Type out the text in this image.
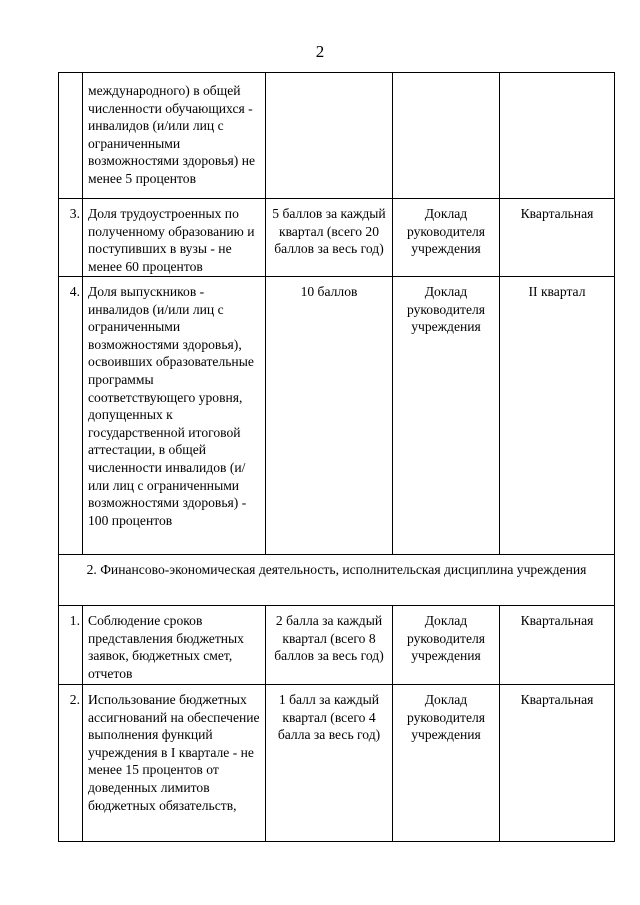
2

	международного) в общей численности обучающихся - инвалидов (и/или лиц с ограниченными возможностями здоровья) не менее 5 процентов			

3.	Доля трудоустроенных по полученному образованию и поступивших в вузы - не менее 60 процентов	5 баллов за каждый квартал (всего 20 баллов за весь год)	Доклад руководителя учреждения	Квартальная

4.	Доля выпускников - инвалидов (и/или лиц с ограниченными возможностями здоровья), освоивших образовательные программы соответствующего уровня, допущенных к государственной итоговой аттестации, в общей численности инвалидов (и/или лиц с ограниченными возможностями здоровья) - 100 процентов	10 баллов	Доклад руководителя учреждения	II квартал

2. Финансово-экономическая деятельность, исполнительская дисциплина учреждения				
1.	Соблюдение сроков представления бюджетных заявок, бюджетных смет, отчетов	2 балла за каждый квартал (всего 8 баллов за весь год)	Доклад руководителя учреждения	Квартальная

2.	Использование бюджетных ассигнований на обеспечение выполнения функций учреждения в I квартале - не менее 15 процентов от доведенных лимитов бюджетных обязательств,	1 балл за каждый квартал (всего 4 балла за весь год)	Доклад руководителя учреждения	Квартальная
